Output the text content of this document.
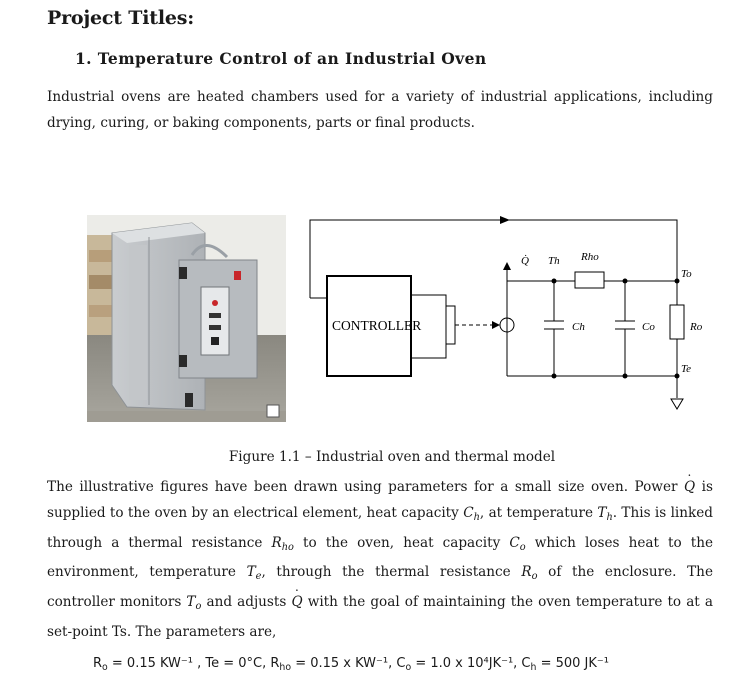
Project Titles:
1. Temperature Control of an Industrial Oven
Industrial ovens are heated chambers used for a variety of industrial applications, including drying, curing, or baking components, parts or final products.
CONTROLLER
Q̇ Th Rho
To
Ch	Co	Ro
Te
Figure 1.1 – Industrial oven and thermal model
The illustrative figures have been drawn using parameters for a small size oven. Power Q ˙ is supplied to the oven by an electrical element, heat capacity $C_h$, at temperature $T_h$. This is linked through a thermal resistance $R_{ho}$ to the oven, heat capacity $C_o$ which loses heat to the environment, temperature $T_e$, through the thermal resistance $R_o$ of the enclosure. The controller monitors $T_o$ and adjusts Q ˙ with the goal of maintaining the oven temperature to at a set-point Ts. The parameters are,
$R_o = 0.15$ KW⁻¹ , Te = 0°C, $R_{ho} = 0.15$ x KW⁻¹, $C_o = 1.0$ x 10⁴JK⁻¹, $C_h = 500$ JK⁻¹
